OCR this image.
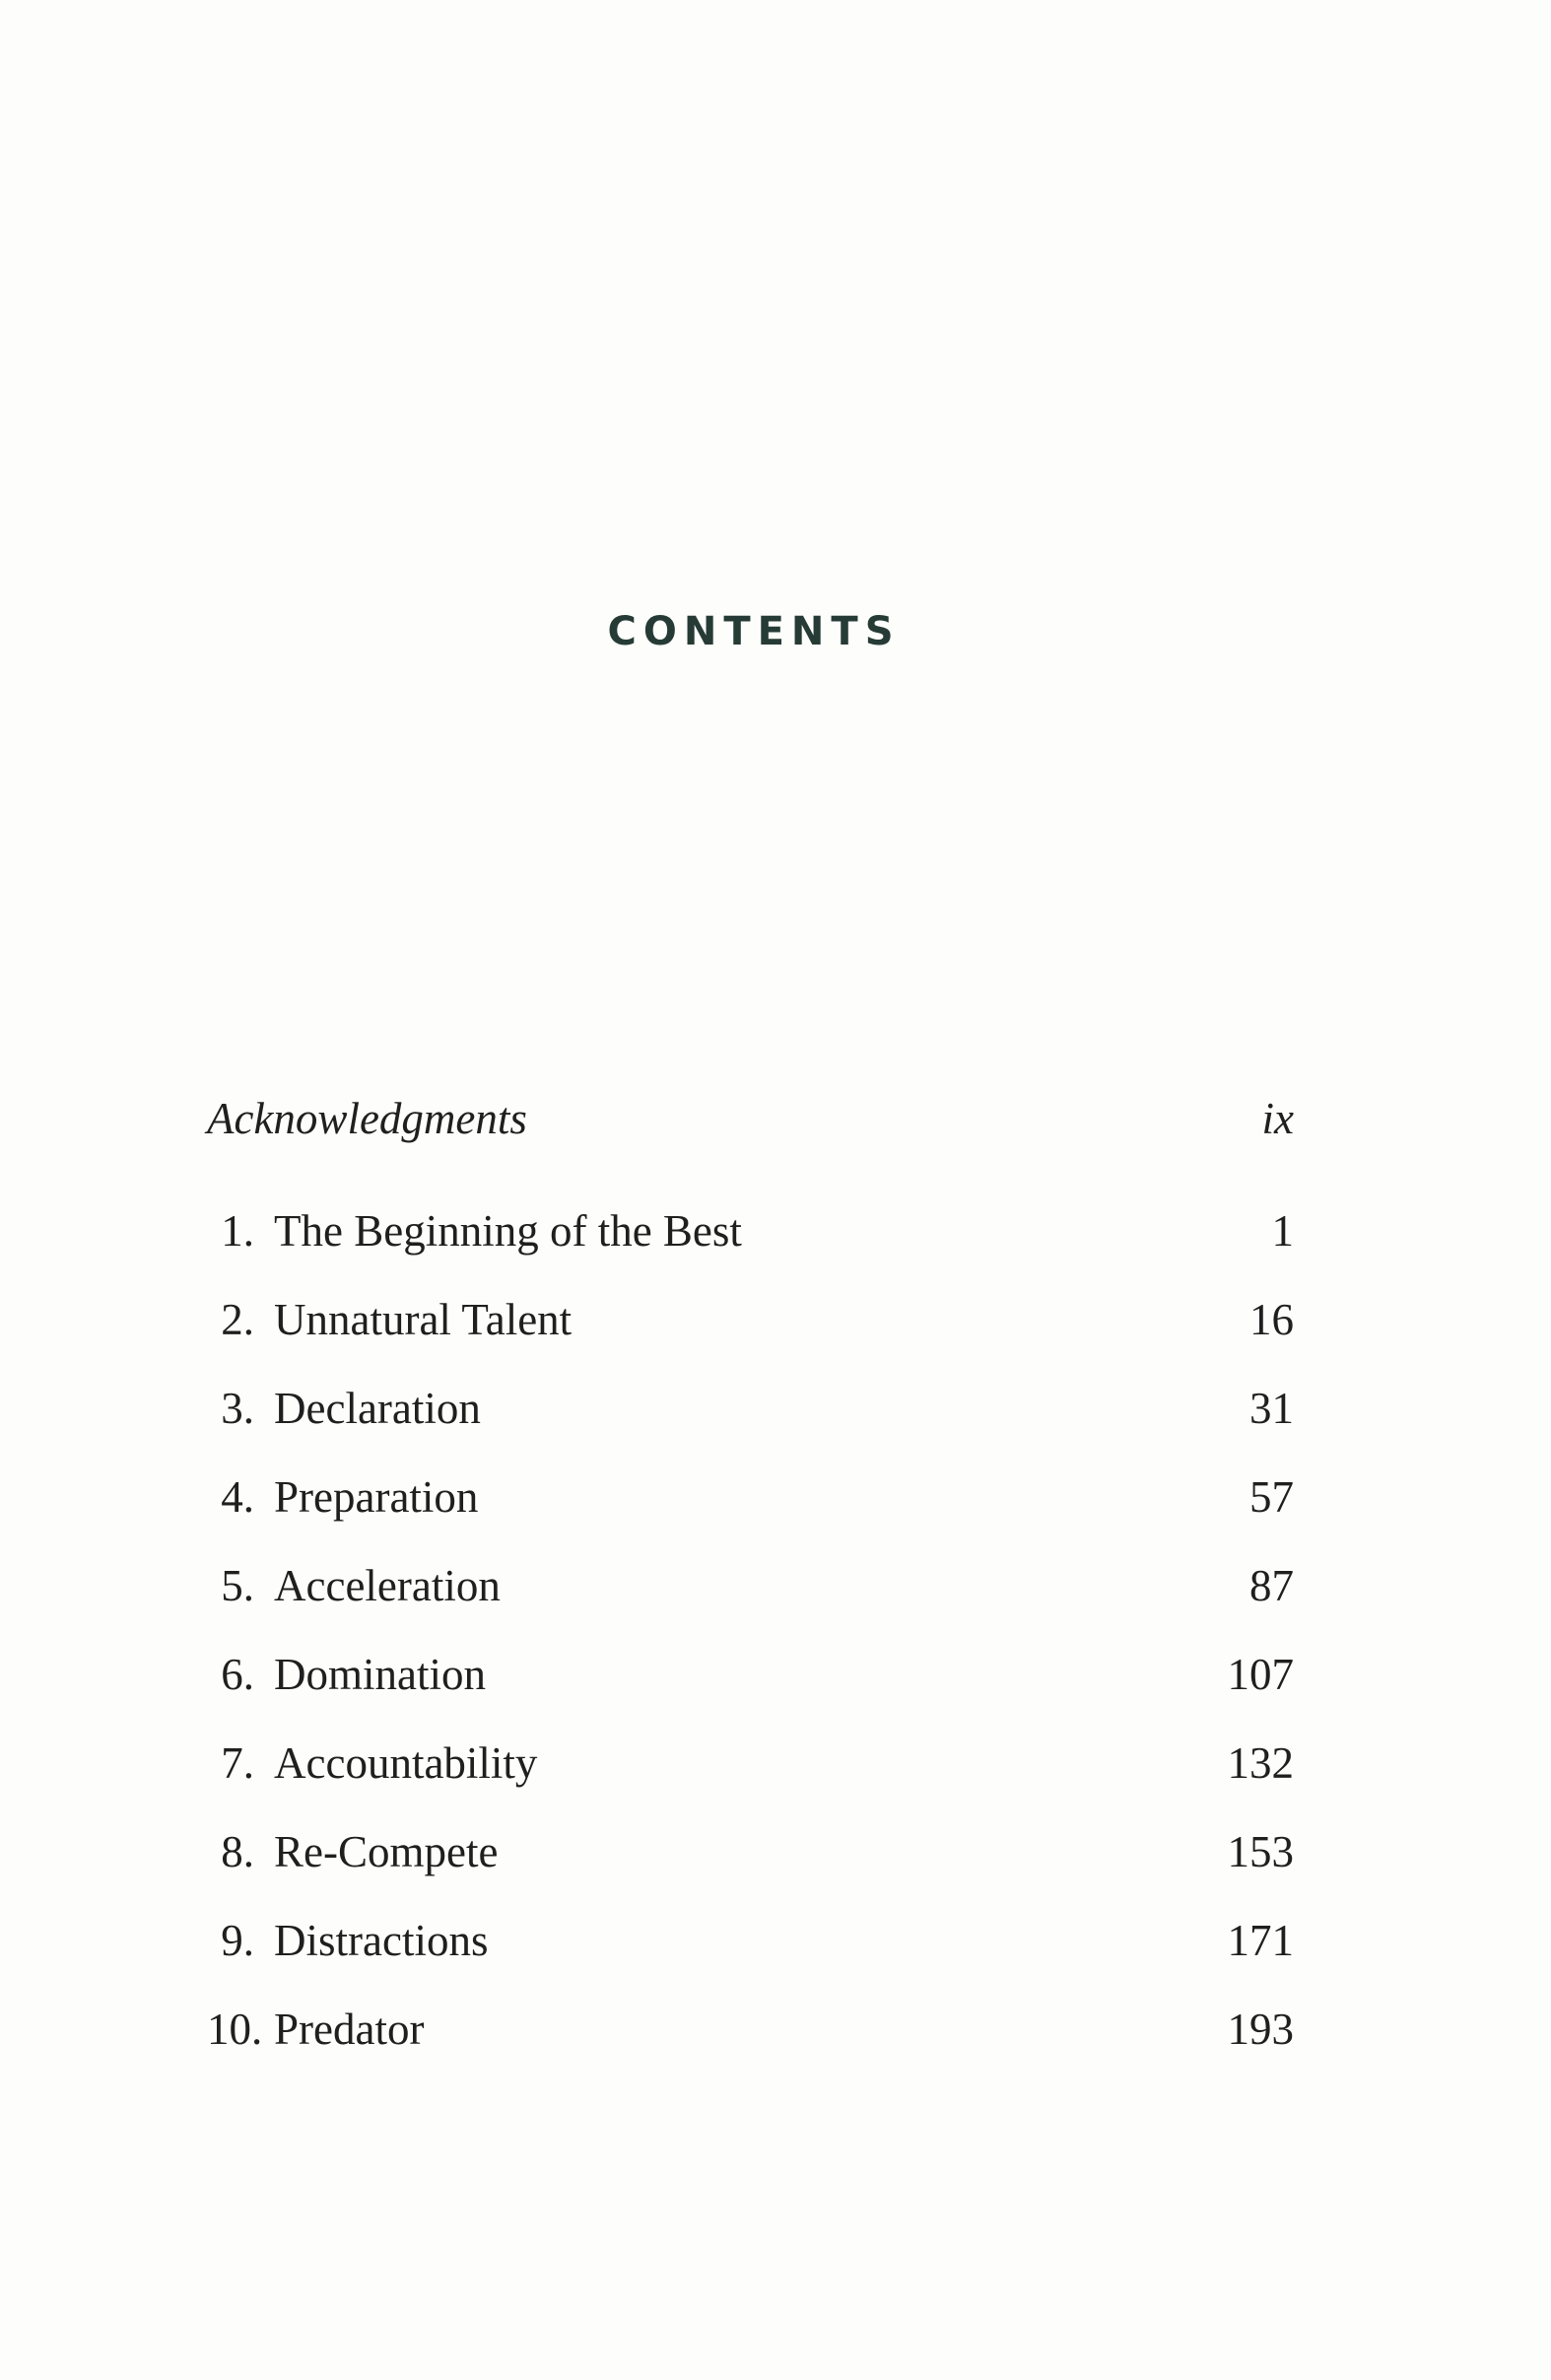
CONTENTS
Acknowledgments	ix
1. The Beginning of the Best	1
2. Unnatural Talent	16
3. Declaration	31
4. Preparation	57
5. Acceleration	87
6. Domination	107
7. Accountability	132
8. Re-Compete	153
9. Distractions	171
10. Predator	193
